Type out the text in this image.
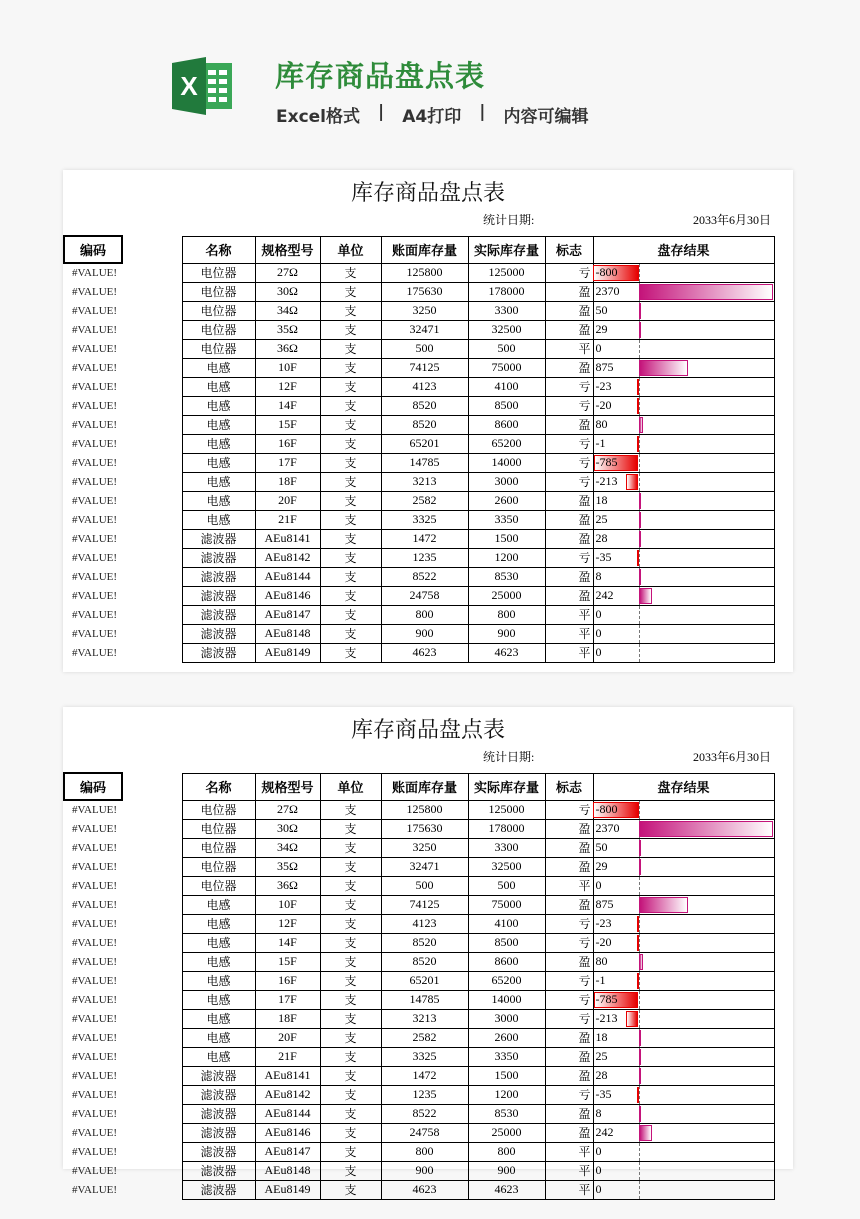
X	库存商品盘点表
Excel格式 | A4打印 | 内容可编辑
库存商品盘点表
统计日期:	2033年6月30日
编码		名称	规格型号	单位	账面库存量	实际库存量	标志	盘存结果
#VALUE!		电位器	27Ω	支	125800	125000	亏	-800
#VALUE!		电位器	30Ω	支	175630	178000	盈	2370
#VALUE!		电位器	34Ω	支	3250	3300	盈	50
#VALUE!		电位器	35Ω	支	32471	32500	盈	29
#VALUE!		电位器	36Ω	支	500	500	平	0
#VALUE!		电感	10F	支	74125	75000	盈	875
#VALUE!		电感	12F	支	4123	4100	亏	-23
#VALUE!		电感	14F	支	8520	8500	亏	-20
#VALUE!		电感	15F	支	8520	8600	盈	80
#VALUE!		电感	16F	支	65201	65200	亏	-1
#VALUE!		电感	17F	支	14785	14000	亏	-785
#VALUE!		电感	18F	支	3213	3000	亏	-213
#VALUE!		电感	20F	支	2582	2600	盈	18
#VALUE!		电感	21F	支	3325	3350	盈	25
#VALUE!		滤波器	AEu8141	支	1472	1500	盈	28
#VALUE!		滤波器	AEu8142	支	1235	1200	亏	-35
#VALUE!		滤波器	AEu8144	支	8522	8530	盈	8
#VALUE!		滤波器	AEu8146	支	24758	25000	盈	242
#VALUE!		滤波器	AEu8147	支	800	800	平	0
#VALUE!		滤波器	AEu8148	支	900	900	平	0
#VALUE!		滤波器	AEu8149	支	4623	4623	平	0
库存商品盘点表
统计日期:	2033年6月30日
编码		名称	规格型号	单位	账面库存量	实际库存量	标志	盘存结果
#VALUE!		电位器	27Ω	支	125800	125000	亏	-800
#VALUE!		电位器	30Ω	支	175630	178000	盈	2370
#VALUE!		电位器	34Ω	支	3250	3300	盈	50
#VALUE!		电位器	35Ω	支	32471	32500	盈	29
#VALUE!		电位器	36Ω	支	500	500	平	0
#VALUE!		电感	10F	支	74125	75000	盈	875
#VALUE!		电感	12F	支	4123	4100	亏	-23
#VALUE!		电感	14F	支	8520	8500	亏	-20
#VALUE!		电感	15F	支	8520	8600	盈	80
#VALUE!		电感	16F	支	65201	65200	亏	-1
#VALUE!		电感	17F	支	14785	14000	亏	-785
#VALUE!		电感	18F	支	3213	3000	亏	-213
#VALUE!		电感	20F	支	2582	2600	盈	18
#VALUE!		电感	21F	支	3325	3350	盈	25
#VALUE!		滤波器	AEu8141	支	1472	1500	盈	28
#VALUE!		滤波器	AEu8142	支	1235	1200	亏	-35
#VALUE!		滤波器	AEu8144	支	8522	8530	盈	8
#VALUE!		滤波器	AEu8146	支	24758	25000	盈	242
#VALUE!		滤波器	AEu8147	支	800	800	平	0
#VALUE!		滤波器	AEu8148	支	900	900	平	0
#VALUE!		滤波器	AEu8149	支	4623	4623	平	0
